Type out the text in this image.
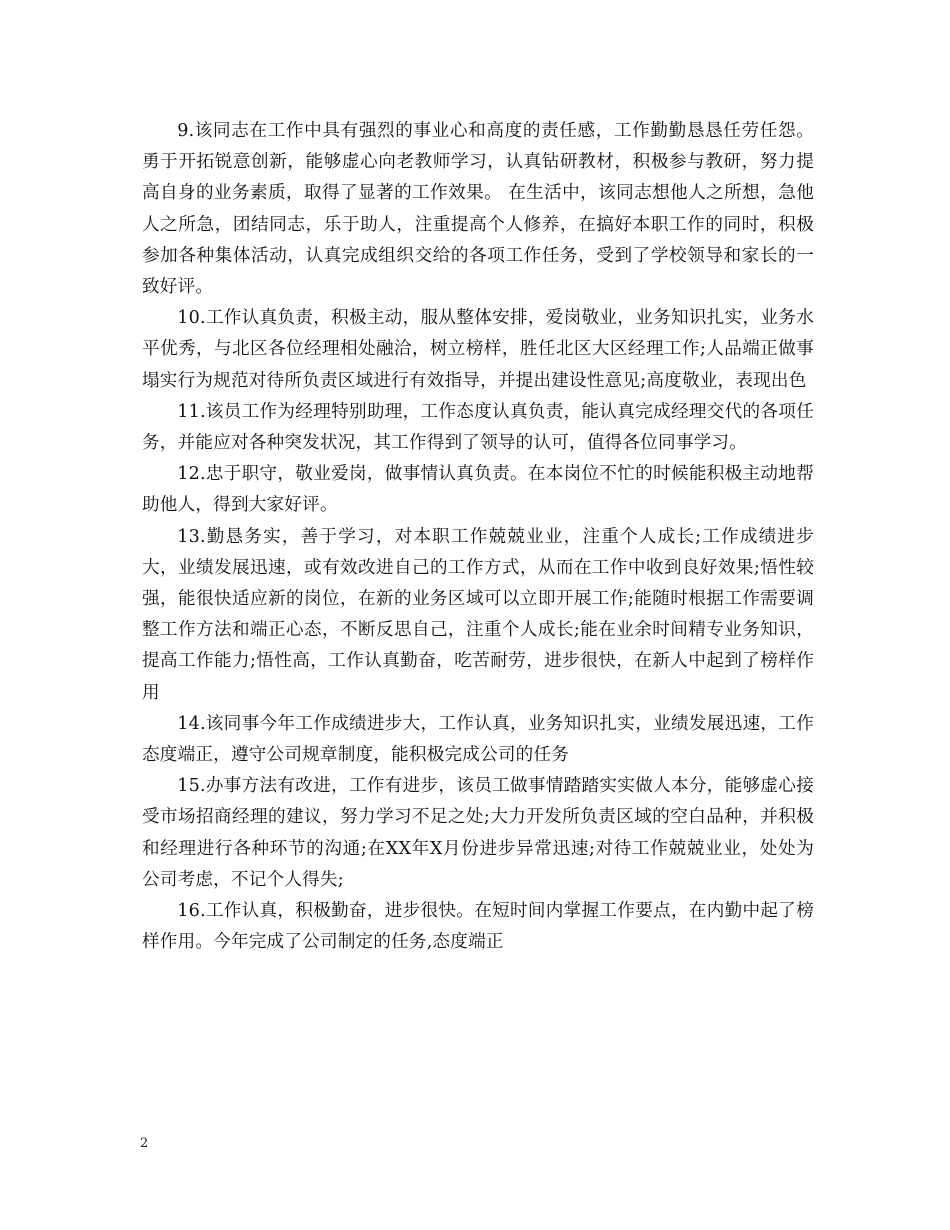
9.该同志在工作中具有强烈的事业心和高度的责任感，工作勤勤恳恳任劳任怨。勇于开拓锐意创新，能够虚心向老教师学习，认真钻研教材，积极参与教研，努力提高自身的业务素质，取得了显著的工作效果。 在生活中，该同志想他人之所想，急他人之所急，团结同志，乐于助人，注重提高个人修养，在搞好本职工作的同时，积极参加各种集体活动，认真完成组织交给的各项工作任务，受到了学校领导和家长的一致好评。

10.工作认真负责，积极主动，服从整体安排，爱岗敬业，业务知识扎实，业务水平优秀，与北区各位经理相处融洽，树立榜样，胜任北区大区经理工作;人品端正做事塌实行为规范对待所负责区域进行有效指导，并提出建设性意见;高度敬业，表现出色

11.该员工作为经理特别助理，工作态度认真负责，能认真完成经理交代的各项任务，并能应对各种突发状况，其工作得到了领导的认可，值得各位同事学习。

12.忠于职守，敬业爱岗，做事情认真负责。在本岗位不忙的时候能积极主动地帮助他人，得到大家好评。

13.勤恳务实，善于学习，对本职工作兢兢业业，注重个人成长;工作成绩进步大，业绩发展迅速，或有效改进自己的工作方式，从而在工作中收到良好效果;悟性较强，能很快适应新的岗位，在新的业务区域可以立即开展工作;能随时根据工作需要调整工作方法和端正心态，不断反思自己，注重个人成长;能在业余时间精专业务知识，提高工作能力;悟性高，工作认真勤奋，吃苦耐劳，进步很快，在新人中起到了榜样作用

14.该同事今年工作成绩进步大，工作认真，业务知识扎实，业绩发展迅速，工作态度端正，遵守公司规章制度，能积极完成公司的任务

15.办事方法有改进，工作有进步，该员工做事情踏踏实实做人本分，能够虚心接受市场招商经理的建议，努力学习不足之处;大力开发所负责区域的空白品种，并积极和经理进行各种环节的沟通;在XX年X月份进步异常迅速;对待工作兢兢业业，处处为公司考虑，不记个人得失;

16.工作认真，积极勤奋，进步很快。在短时间内掌握工作要点，在内勤中起了榜样作用。今年完成了公司制定的任务,态度端正

2
